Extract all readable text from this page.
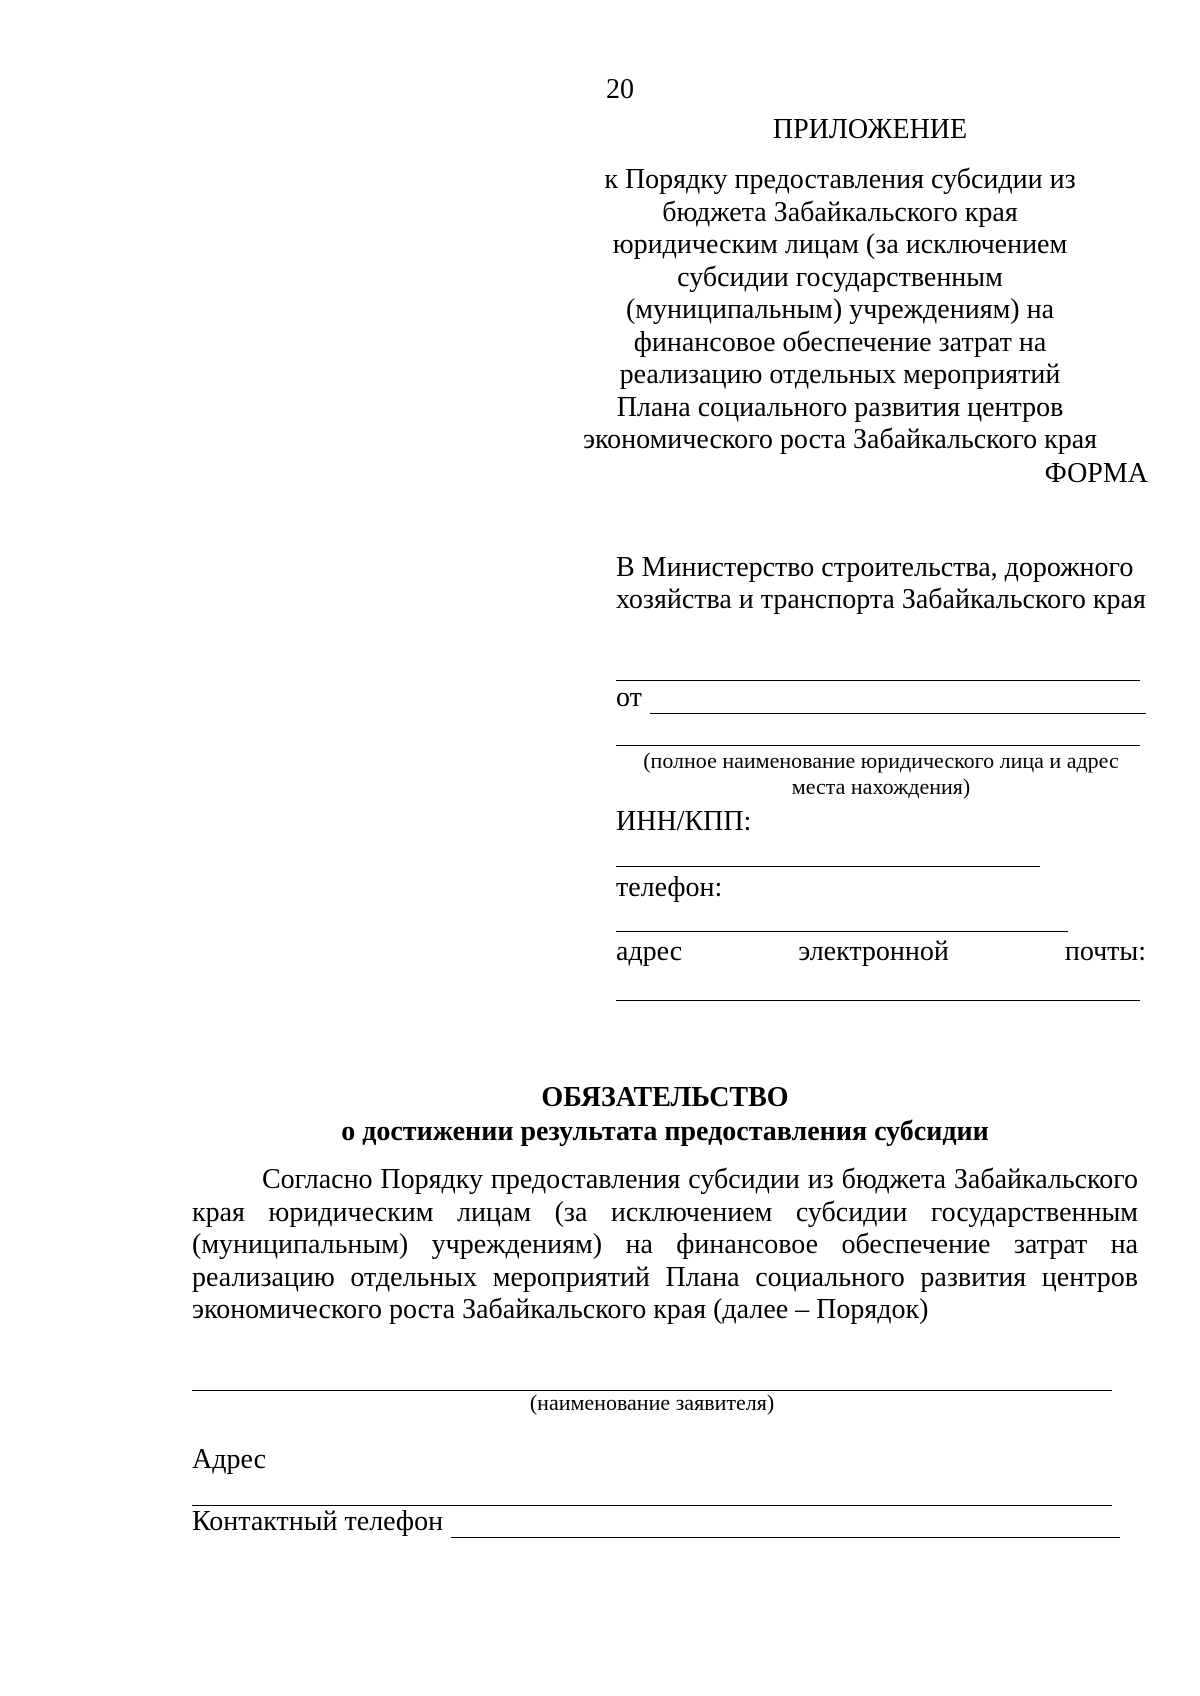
20
ПРИЛОЖЕНИЕ
к Порядку предоставления субсидии из бюджета Забайкальского края юридическим лицам (за исключением субсидии государственным (муниципальным) учреждениям) на финансовое обеспечение затрат на реализацию отдельных мероприятий Плана социального развития центров экономического роста Забайкальского края
ФОРМА
В Министерство строительства, дорожного хозяйства и транспорта Забайкальского края
от
(полное наименование юридического лица и адрес места нахождения)
ИНН/КПП:
телефон:
адрес	электронной	почты:
ОБЯЗАТЕЛЬСТВО
о достижении результата предоставления субсидии
Согласно Порядку предоставления субсидии из бюджета Забайкальского края юридическим лицам (за исключением субсидии государственным (муниципальным) учреждениям) на финансовое обеспечение затрат на реализацию отдельных мероприятий Плана социального развития центров экономического роста Забайкальского края (далее – Порядок)
(наименование заявителя)
Адрес
Контактный телефон
